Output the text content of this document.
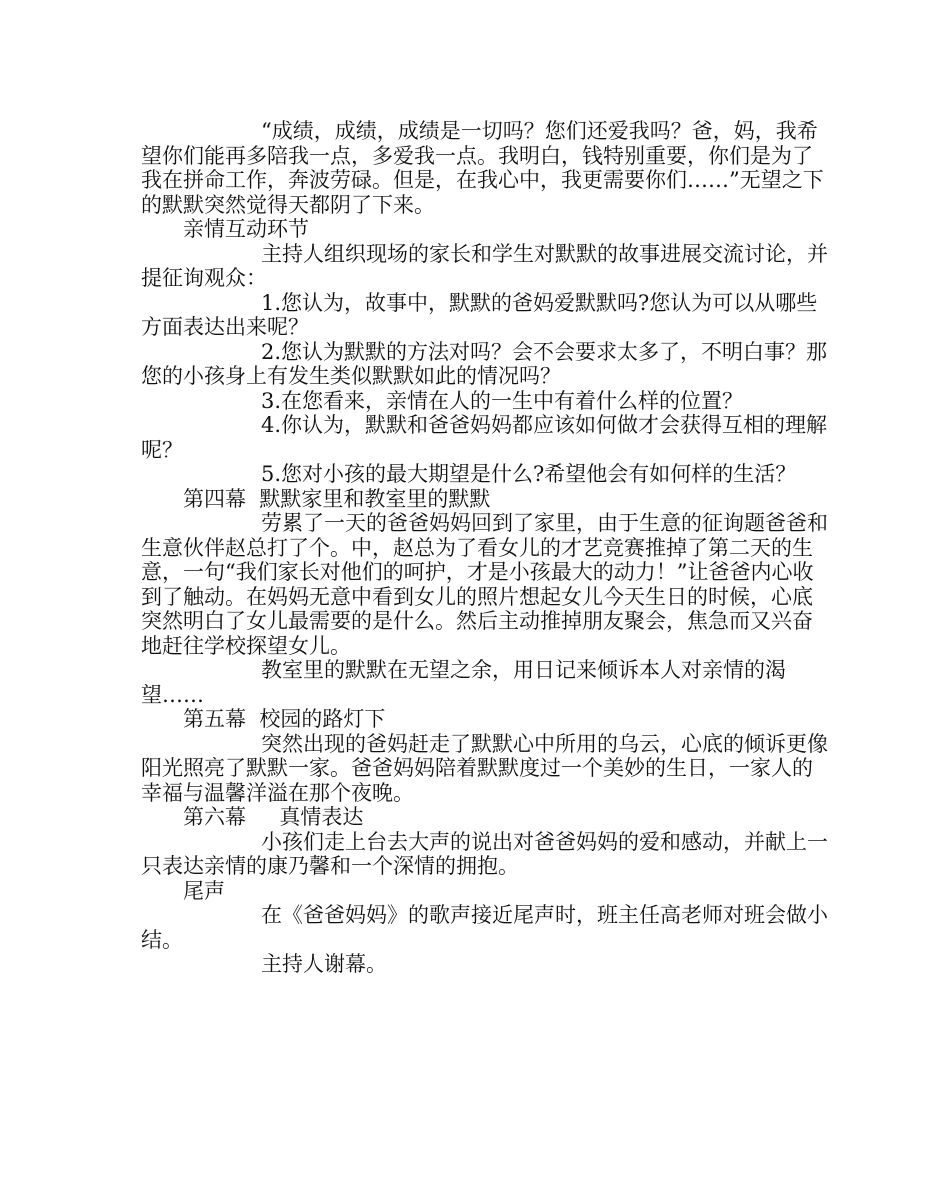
“成绩，成绩，成绩是一切吗？您们还爱我吗？爸，妈，我希望你们能再多陪我一点，多爱我一点。我明白，钱特别重要，你们是为了我在拼命工作，奔波劳碌。但是，在我心中，我更需要你们……”无望之下的默默突然觉得天都阴了下来。

亲情互动环节

主持人组织现场的家长和学生对默默的故事进展交流讨论，并提征询观众：

1.您认为，故事中，默默的爸妈爱默默吗?您认为可以从哪些方面表达出来呢？

2.您认为默默的方法对吗？会不会要求太多了，不明白事？那您的小孩身上有发生类似默默如此的情况吗？

3.在您看来，亲情在人的一生中有着什么样的位置？

4.你认为，默默和爸爸妈妈都应该如何做才会获得互相的理解呢？

5.您对小孩的最大期望是什么?希望他会有如何样的生活？

第四幕  默默家里和教室里的默默

劳累了一天的爸爸妈妈回到了家里，由于生意的征询题爸爸和生意伙伴赵总打了个。中，赵总为了看女儿的才艺竞赛推掉了第二天的生意，一句“我们家长对他们的呵护，才是小孩最大的动力！”让爸爸内心收到了触动。在妈妈无意中看到女儿的照片想起女儿今天生日的时候，心底突然明白了女儿最需要的是什么。然后主动推掉朋友聚会，焦急而又兴奋地赶往学校探望女儿。

教室里的默默在无望之余，用日记来倾诉本人对亲情的渴望……

第五幕  校园的路灯下

突然出现的爸妈赶走了默默心中所用的乌云，心底的倾诉更像阳光照亮了默默一家。爸爸妈妈陪着默默度过一个美妙的生日，一家人的幸福与温馨洋溢在那个夜晚。

第六幕     真情表达

小孩们走上台去大声的说出对爸爸妈妈的爱和感动，并献上一只表达亲情的康乃馨和一个深情的拥抱。

尾声

在《爸爸妈妈》的歌声接近尾声时，班主任高老师对班会做小结。

主持人谢幕。
